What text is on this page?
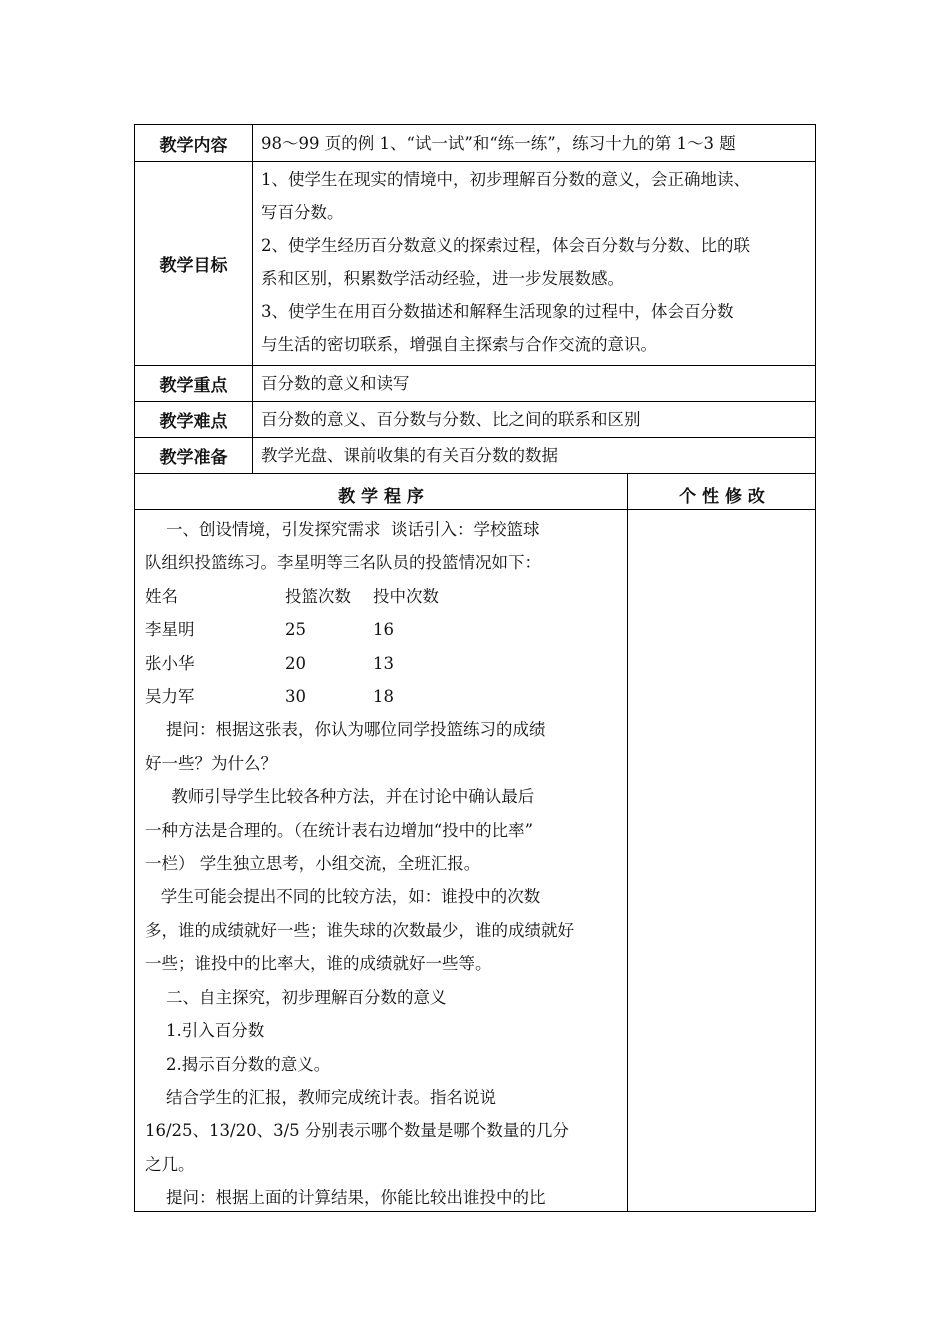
教学内容	98～99 页的例 1、“试一试”和“练一练”，练习十九的第 1～3 题
教学目标
1、使学生在现实的情境中，初步理解百分数的意义，会正确地读、
写百分数。
2、使学生经历百分数意义的探索过程，体会百分数与分数、比的联
系和区别，积累数学活动经验，进一步发展数感。
3、使学生在用百分数描述和解释生活现象的过程中，体会百分数
与生活的密切联系，增强自主探索与合作交流的意识。
教学重点	百分数的意义和读写
教学难点	百分数的意义、百分数与分数、比之间的联系和区别
教学准备	教学光盘、课前收集的有关百分数的数据
教 学 程 序	个 性 修 改

一、创设情境，引发探究需求  谈话引入：学校篮球

队组织投篮练习。李星明等三名队员的投篮情况如下：

姓名	投篮次数	投中次数
李星明	25	16
张小华	20	13
吴力军	30	18

提问：根据这张表，你认为哪位同学投篮练习的成绩

好一些？为什么？

教师引导学生比较各种方法，并在讨论中确认最后

一种方法是合理的。（在统计表右边增加“投中的比率”

一栏） 学生独立思考，小组交流，全班汇报。

学生可能会提出不同的比较方法，如：谁投中的次数

多，谁的成绩就好一些；谁失球的次数最少，谁的成绩就好

一些；谁投中的比率大，谁的成绩就好一些等。

二、自主探究，初步理解百分数的意义

1.引入百分数

2.揭示百分数的意义。

结合学生的汇报，教师完成统计表。指名说说

16/25、13/20、3/5 分别表示哪个数量是哪个数量的几分

之几。

提问：根据上面的计算结果，你能比较出谁投中的比
